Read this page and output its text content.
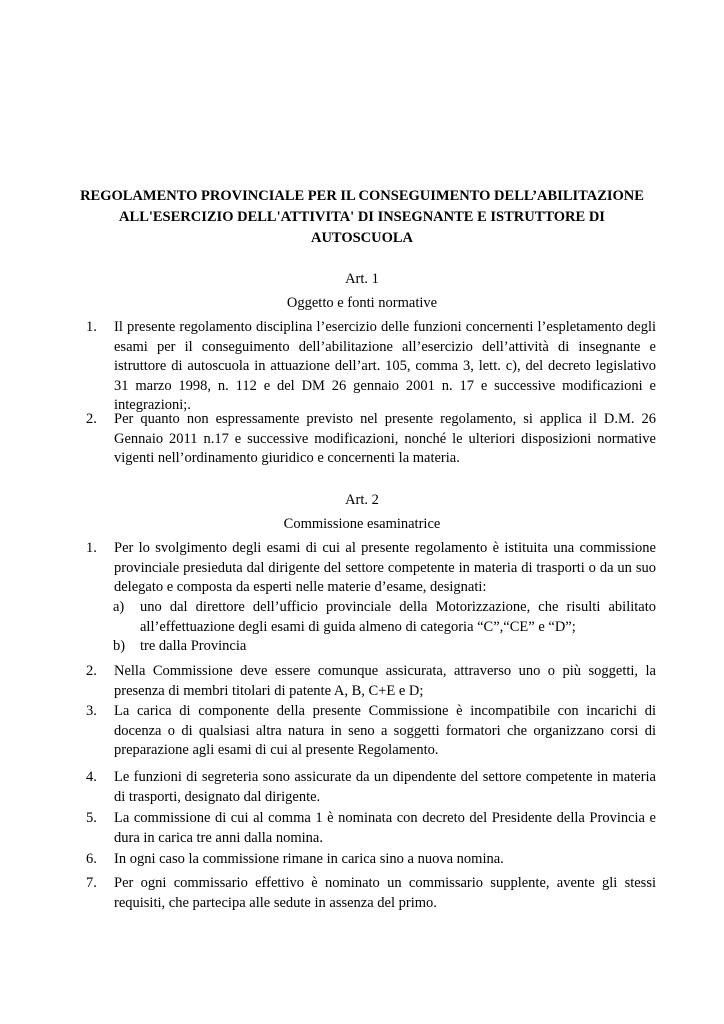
REGOLAMENTO PROVINCIALE PER IL CONSEGUIMENTO DELL’ABILITAZIONE
ALL'ESERCIZIO DELL'ATTIVITA' DI INSEGNANTE E ISTRUTTORE DI
AUTOSCUOLA

Art. 1

Oggetto e fonti normative

1. Il presente regolamento disciplina l’esercizio delle funzioni concernenti l’espletamento degli esami per il conseguimento dell’abilitazione all’esercizio dell’attività di insegnante e istruttore di autoscuola in attuazione dell’art. 105, comma 3, lett. c), del decreto legislativo 31 marzo 1998, n. 112 e del DM 26 gennaio 2001 n. 17 e successive modificazioni e integrazioni;.
2. Per quanto non espressamente previsto nel presente regolamento, si applica il D.M. 26 Gennaio 2011 n.17 e successive modificazioni, nonché le ulteriori disposizioni normative vigenti nell’ordinamento giuridico e concernenti la materia.

Art. 2

Commissione esaminatrice

1. Per lo svolgimento degli esami di cui al presente regolamento è istituita una commissione provinciale presieduta dal dirigente del settore competente in materia di trasporti o da un suo delegato e composta da esperti nelle materie d’esame, designati:
a) uno dal direttore dell’ufficio provinciale della Motorizzazione, che risulti abilitato all’effettuazione degli esami di guida almeno di categoria “C”,“CE” e “D”;
b) tre dalla Provincia
2. Nella Commissione deve essere comunque assicurata, attraverso uno o più soggetti, la presenza di membri titolari di patente A, B, C+E e D;
3. La carica di componente della presente Commissione è incompatibile con incarichi di docenza o di qualsiasi altra natura in seno a soggetti formatori che organizzano corsi di preparazione agli esami di cui al presente Regolamento.
4. Le funzioni di segreteria sono assicurate da un dipendente del settore competente in materia di trasporti, designato dal dirigente.
5. La commissione di cui al comma 1 è nominata con decreto del Presidente della Provincia e dura in carica tre anni dalla nomina.
6. In ogni caso la commissione rimane in carica sino a nuova nomina.
7. Per ogni commissario effettivo è nominato un commissario supplente, avente gli stessi requisiti, che partecipa alle sedute in assenza del primo.
